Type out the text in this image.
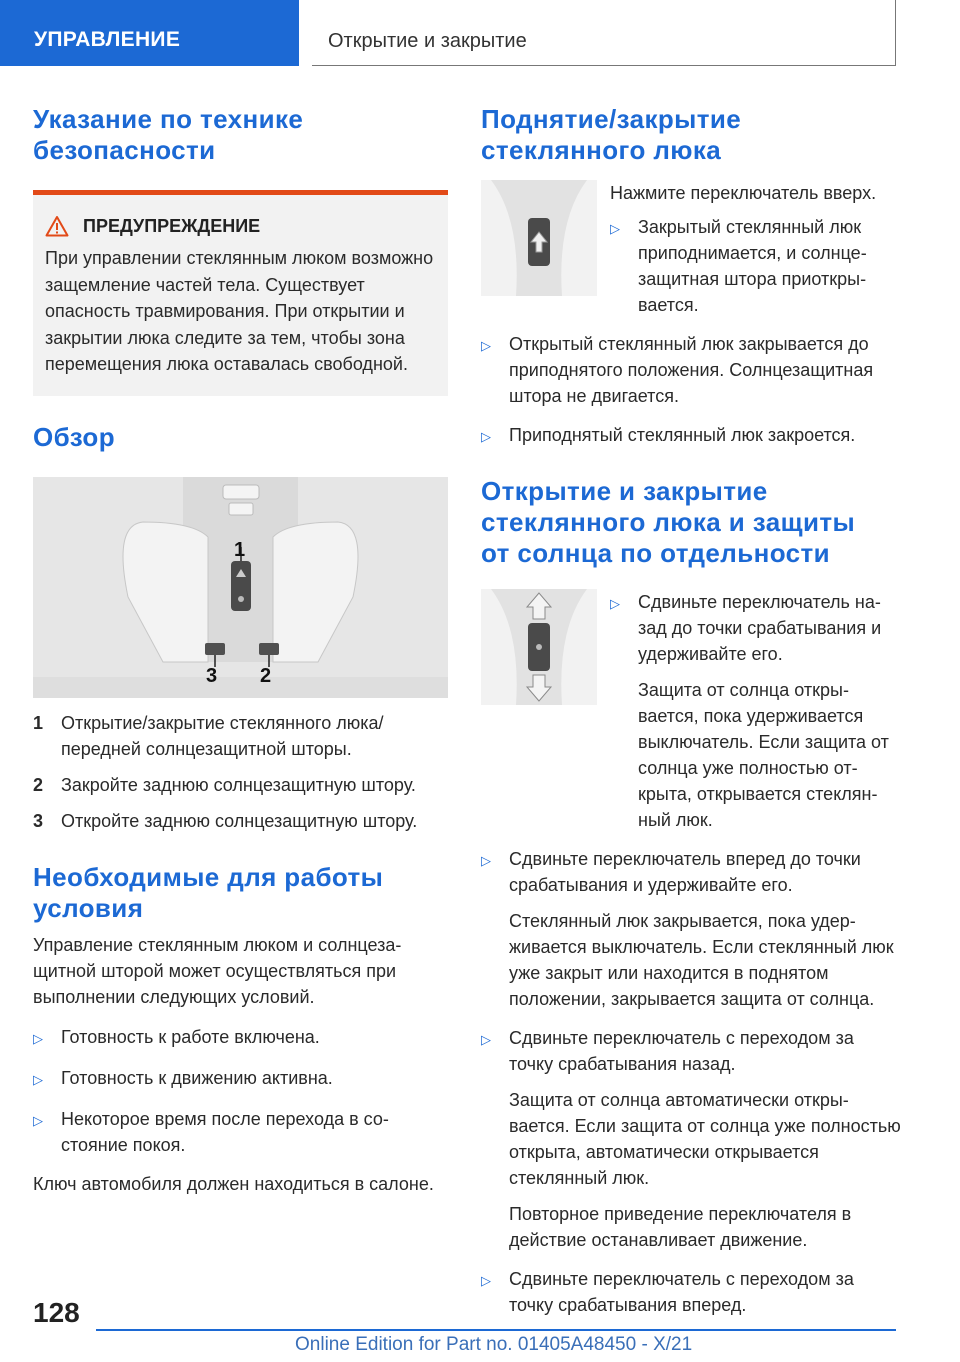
УПРАВЛЕНИЕ	Открытие и закрытие
Указание по технике безопасности
ПРЕДУПРЕЖДЕНИЕ

При управлении стеклянным люком возможно защемление частей тела. Существует опасность травмирования. При открытии и закрытии люка следите за тем, чтобы зона перемещения люка оставалась свободной.

Обзор
1
2
3
1 Открытие/закрытие стеклянного люка/передней солнцезащитной шторы.
2 Закройте заднюю солнцезащитную штору.
3 Откройте заднюю солнцезащитную штору.
Необходимые для работы условия

Управление стеклянным люком и солнцезащитной шторой может осуществляться при выполнении следующих условий.

▷	Готовность к работе включена.
▷	Готовность к движению активна.
▷	Некоторое время после перехода в состояние покоя.

Ключ автомобиля должен находиться в салоне.

Поднятие/закрытие стеклянного люка

Нажмите переключатель вверх.

▷	Закрытый стеклянный люк приподнимается, и солнцезащитная штора приоткрывается.
▷	Открытый стеклянный люк закрывается до приподнятого положения. Солнцезащитная штора не двигается.
▷	Приподнятый стеклянный люк закроется.
Открытие и закрытие стеклянного люка и защиты от солнца по отдельности
▷	Сдвиньте переключатель назад до точки срабатывания и удерживайте его.
Защита от солнца открывается, пока удерживается выключатель. Если защита от солнца уже полностью открыта, открывается стеклянный люк.
▷	Сдвиньте переключатель вперед до точки срабатывания и удерживайте его.
Стеклянный люк закрывается, пока удерживается выключатель. Если стеклянный люк уже закрыт или находится в поднятом положении, закрывается защита от солнца.
▷	Сдвиньте переключатель с переходом за точку срабатывания назад.
Защита от солнца автоматически открывается. Если защита от солнца уже полностью открыта, автоматически открывается стеклянный люк.
Повторное приведение переключателя в действие останавливает движение.
▷	Сдвиньте переключатель с переходом за точку срабатывания вперед.
128
Online Edition for Part no. 01405A48450 - X/21
